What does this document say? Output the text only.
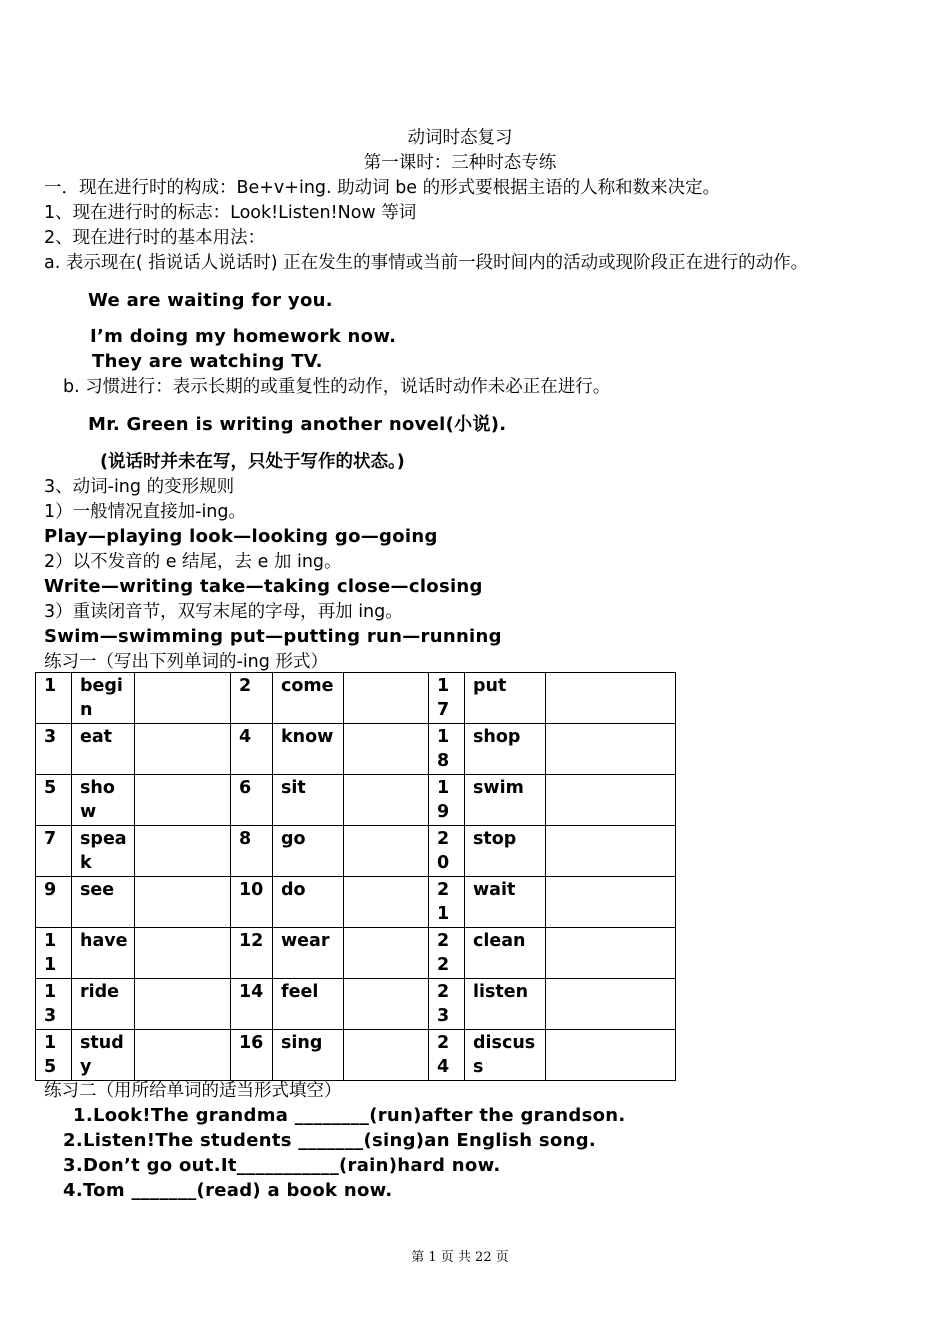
动词时态复习
第一课时：三种时态专练
一．现在进行时的构成：Be+v+ing. 助动词 be 的形式要根据主语的人称和数来决定。
1、现在进行时的标志：Look!Listen!Now 等词
2、现在进行时的基本用法：
a. 表示现在( 指说话人说话时) 正在发生的事情或当前一段时间内的活动或现阶段正在进行的动作。
We are waiting for you.
I’m doing my homework now.
They are watching TV.
b. 习惯进行：表示长期的或重复性的动作，说话时动作未必正在进行。
Mr. Green is writing another novel(小说).
(说话时并未在写，只处于写作的状态。)
3、动词-ing 的变形规则
1）一般情况直接加-ing。
Play—playing look—looking go—going
2）以不发音的 e 结尾，去 e 加 ing。
Write—writing take—taking close—closing
3）重读闭音节，双写末尾的字母，再加 ing。
Swim—swimming put—putting run—running
练习一（写出下列单词的-ing 形式）
1	begin		2	come		17	put	
3	eat		4	know		18	shop	
5	show		6	sit		19	swim	
7	speak		8	go		20	stop	
9	see		10	do		21	wait	
11	have		12	wear		22	clean	
13	ride		14	feel		23	listen	
15	study		16	sing		24	discuss	
练习二（用所给单词的适当形式填空）
1.Look!The grandma ________(run)after the grandson.
2.Listen!The students _______(sing)an English song.
3.Don’t go out.It___________(rain)hard now.
4.Tom _______(read) a book now.
第 1 页 共 22 页
